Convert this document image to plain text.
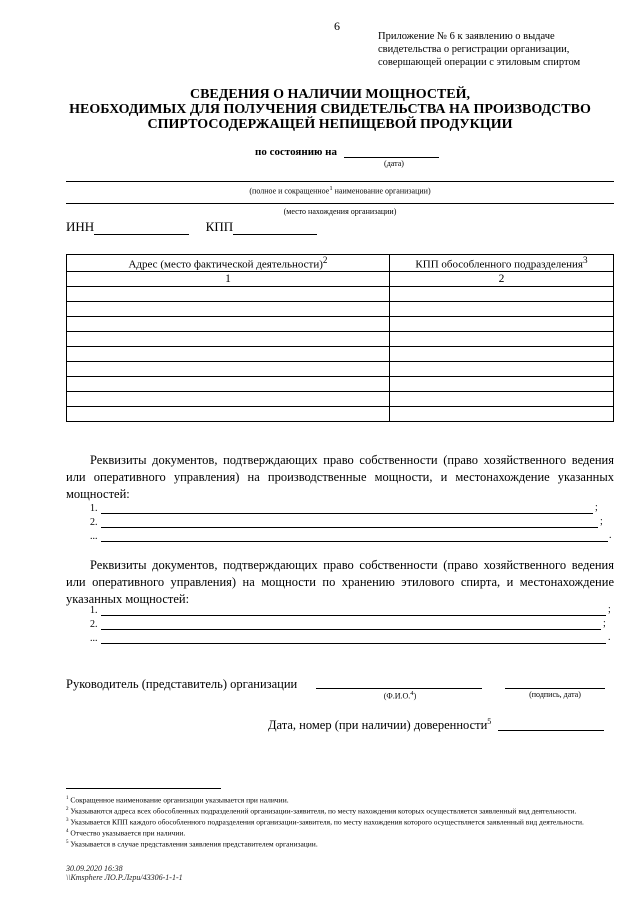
6
Приложение № 6 к заявлению о выдаче
свидетельства о регистрации организации,
совершающей операции с этиловым спиртом
СВЕДЕНИЯ О НАЛИЧИИ МОЩНОСТЕЙ,
НЕОБХОДИМЫХ ДЛЯ ПОЛУЧЕНИЯ СВИДЕТЕЛЬСТВА НА ПРОИЗВОДСТВО
СПИРТОСОДЕРЖАЩЕЙ НЕПИЩЕВОЙ ПРОДУКЦИИ
по состоянию на
(дата)
(полное и сокращенное$^1$ наименование организации)
(место нахождения организации)
ИНН	КПП
Адрес (место фактической деятельности)$^2$	КПП обособленного подразделения$^3$
1	2

Реквизиты документов, подтверждающих право собственности (право хозяйственного ведения или оперативного управления) на производственные мощности, и местонахождение указанных мощностей:
1.	;
2.	;
...	.
Реквизиты документов, подтверждающих право собственности (право хозяйственного ведения или оперативного управления) на мощности по хранению этилового спирта, и местонахождение указанных мощностей:
1.	;
2.	;
...	.
Руководитель (представитель) организации
(Ф.И.О.$^4$)	(подпись, дата)
Дата, номер (при наличии) доверенности$^5$
$^1$ Сокращенное наименование организации указывается при наличии.
$^2$ Указываются адреса всех обособленных подразделений организации-заявителя, по месту нахождения которых осуществляется заявленный вид деятельности.
$^3$ Указывается КПП каждого обособленного подразделения организации-заявителя, по месту нахождения которого осуществляется заявленный вид деятельности.
$^4$ Отчество указывается при наличии.
$^5$ Указывается в случае представления заявления представителем организации.
30.09.2020 16:38
\\Kmsphere ЛО.Р.Лгри/43306-1-1-1
